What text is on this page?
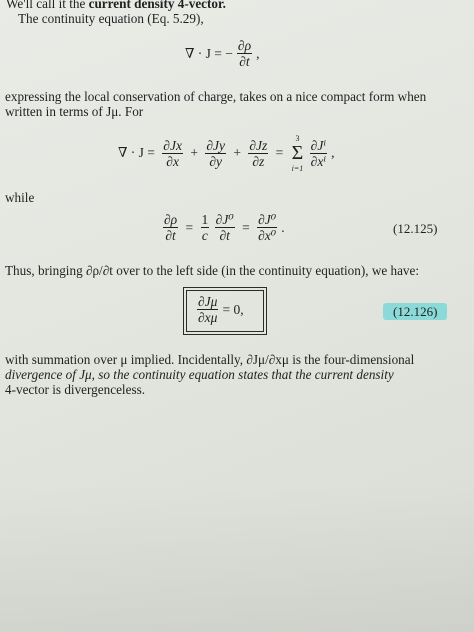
We'll call it the current density 4-vector.
The continuity equation (Eq. 5.29),
∇ · J = − $\frac{\partial\rho}{\partial t}$ ,
expressing the local conservation of charge, takes on a nice compact form when
written in terms of Jμ. For
∇ · $J = \frac{\partial Jx}{\partial x} + \frac{\partial Jy}{\partial y} + \frac{\partial Jz}{\partial z} = 3$
Σ
$i=1 \frac{\text{∂Jⁱ}}{\text{∂xⁱ}}$ ,
while
$\frac{\partial\rho}{\partial t} = \frac{1}{c}$
$\frac{\text{∂J⁰}}{\partial t} = \frac{\text{∂J⁰}}{\text{∂x⁰}}$ .	(12.125)
Thus, bringing ∂ρ/∂t over to the left side (in the continuity equation), we have:
$\frac{\partial J\mu}{\partial x\mu} = 0$,	(12.126)
with summation over μ implied. Incidentally, ∂Jμ/∂xμ is the four-dimensional
divergence of Jμ, so the continuity equation states that the current density
4-vector is divergenceless.
